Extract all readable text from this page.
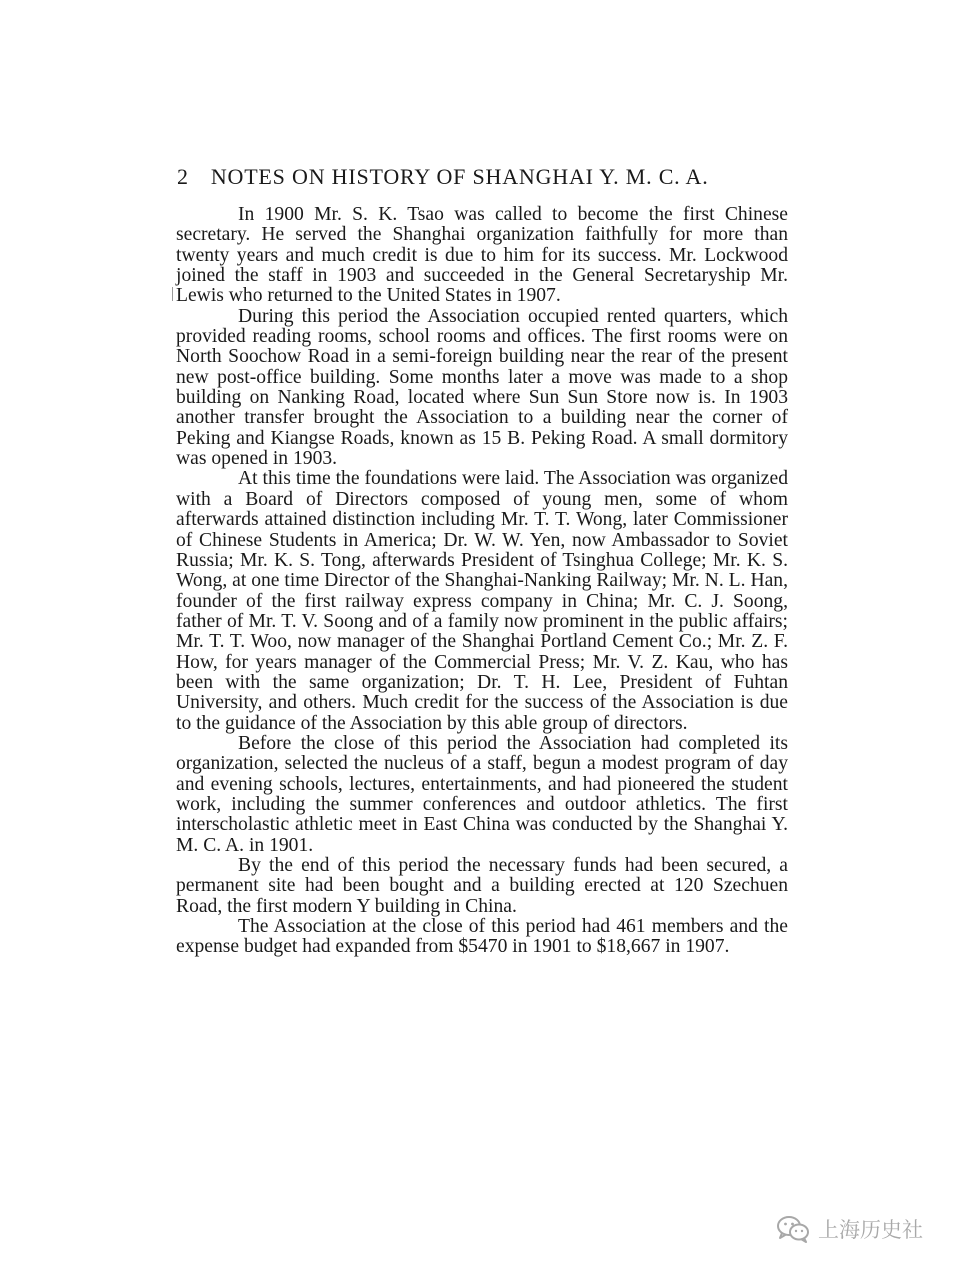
2 NOTES ON HISTORY OF SHANGHAI Y. M. C. A.

In 1900 Mr. S. K. Tsao was called to become the first Chinese secretary. He served the Shanghai organization faithfully for more than twenty years and much credit is due to him for its success. Mr. Lockwood joined the staff in 1903 and succeeded in the General Secretaryship Mr. Lewis who returned to the United States in 1907.

During this period the Association occupied rented quarters, which provided reading rooms, school rooms and offices. The first rooms were on North Soochow Road in a semi-foreign building near the rear of the present new post-office building. Some months later a move was made to a shop building on Nanking Road, located where Sun Sun Store now is. In 1903 another transfer brought the Association to a building near the corner of Peking and Kiangse Roads, known as 15 B. Peking Road. A small dormitory was opened in 1903.

At this time the foundations were laid. The Association was organized with a Board of Directors composed of young men, some of whom afterwards attained distinction including Mr. T. T. Wong, later Commissioner of Chinese Students in America; Dr. W. W. Yen, now Ambassador to Soviet Russia; Mr. K. S. Tong, afterwards President of Tsinghua College; Mr. K. S. Wong, at one time Director of the Shanghai-Nanking Railway; Mr. N. L. Han, founder of the first railway express company in China; Mr. C. J. Soong, father of Mr. T. V. Soong and of a family now prominent in the public affairs; Mr. T. T. Woo, now manager of the Shanghai Portland Cement Co.; Mr. Z. F. How, for years manager of the Commercial Press; Mr. V. Z. Kau, who has been with the same organization; Dr. T. H. Lee, President of Fuhtan University, and others. Much credit for the success of the Association is due to the guidance of the Association by this able group of directors.

Before the close of this period the Association had completed its organization, selected the nucleus of a staff, begun a modest program of day and evening schools, lectures, entertainments, and had pioneered the student work, including the summer conferences and outdoor athletics. The first interscholastic athletic meet in East China was conducted by the Shanghai Y. M. C. A. in 1901.

By the end of this period the necessary funds had been secured, a permanent site had been bought and a building erected at 120 Szechuen Road, the first modern Y building in China.

The Association at the close of this period had 461 members and the expense budget had expanded from $5470 in 1901 to $18,667 in 1907.

上海历史社
